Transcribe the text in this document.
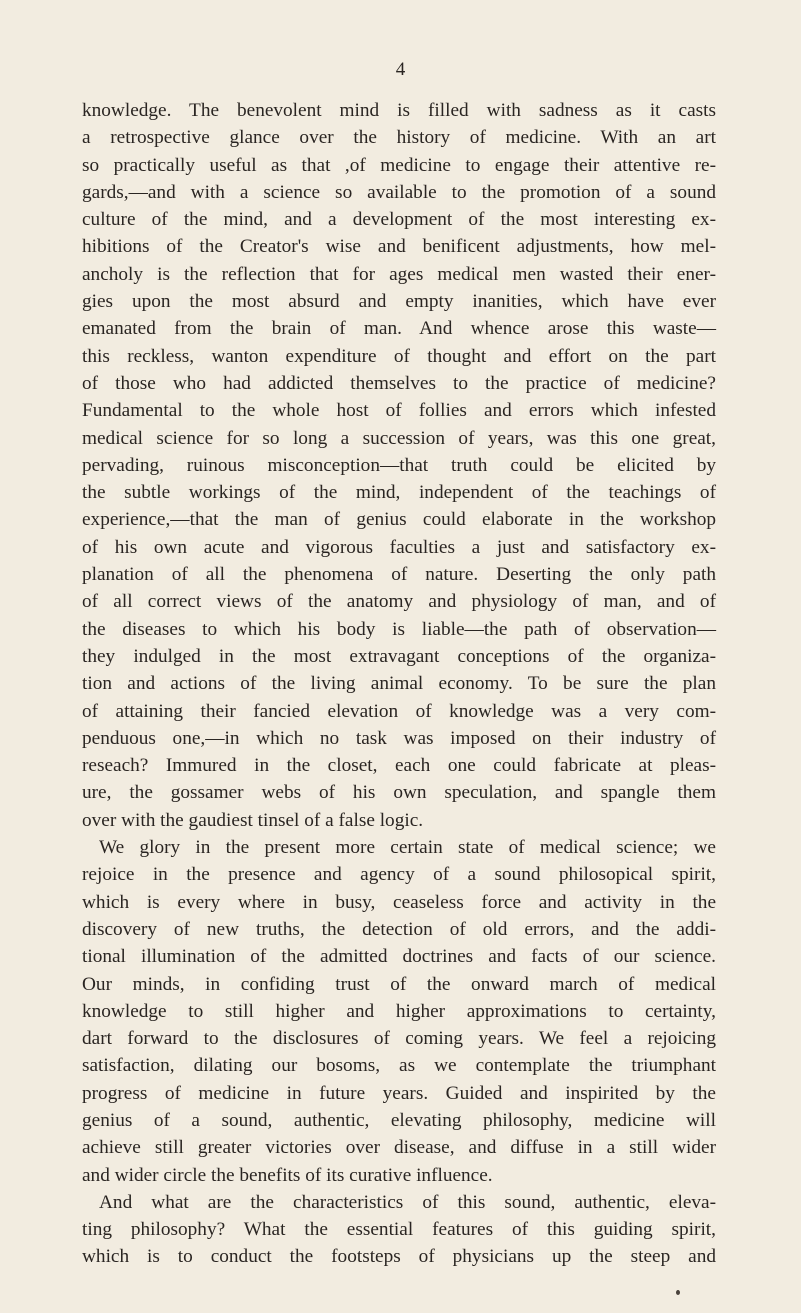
4

knowledge. The benevolent mind is filled with sadness as it casts
a retrospective glance over the history of medicine. With an art
so practically useful as that ,of medicine to engage their attentive re-
gards,—and with a science so available to the promotion of a sound
culture of the mind, and a development of the most interesting ex-
hibitions of the Creator's wise and benificent adjustments, how mel-
ancholy is the reflection that for ages medical men wasted their ener-
gies upon the most absurd and empty inanities, which have ever
emanated from the brain of man. And whence arose this waste—
this reckless, wanton expenditure of thought and effort on the part
of those who had addicted themselves to the practice of medicine?
Fundamental to the whole host of follies and errors which infested
medical science for so long a succession of years, was this one great,
pervading, ruinous misconception—that truth could be elicited by
the subtle workings of the mind, independent of the teachings of
experience,—that the man of genius could elaborate in the workshop
of his own acute and vigorous faculties a just and satisfactory ex-
planation of all the phenomena of nature. Deserting the only path
of all correct views of the anatomy and physiology of man, and of
the diseases to which his body is liable—the path of observation—
they indulged in the most extravagant conceptions of the organiza-
tion and actions of the living animal economy. To be sure the plan
of attaining their fancied elevation of knowledge was a very com-
penduous one,—in which no task was imposed on their industry of
reseach? Immured in the closet, each one could fabricate at pleas-
ure, the gossamer webs of his own speculation, and spangle them
over with the gaudiest tinsel of a false logic.

We glory in the present more certain state of medical science; we
rejoice in the presence and agency of a sound philosopical spirit,
which is every where in busy, ceaseless force and activity in the
discovery of new truths, the detection of old errors, and the addi-
tional illumination of the admitted doctrines and facts of our science.
Our minds, in confiding trust of the onward march of medical
knowledge to still higher and higher approximations to certainty,
dart forward to the disclosures of coming years. We feel a rejoicing
satisfaction, dilating our bosoms, as we contemplate the triumphant
progress of medicine in future years. Guided and inspirited by the
genius of a sound, authentic, elevating philosophy, medicine will
achieve still greater victories over disease, and diffuse in a still wider
and wider circle the benefits of its curative influence.

And what are the characteristics of this sound, authentic, eleva-
ting philosophy? What the essential features of this guiding spirit,
which is to conduct the footsteps of physicians up the steep and
